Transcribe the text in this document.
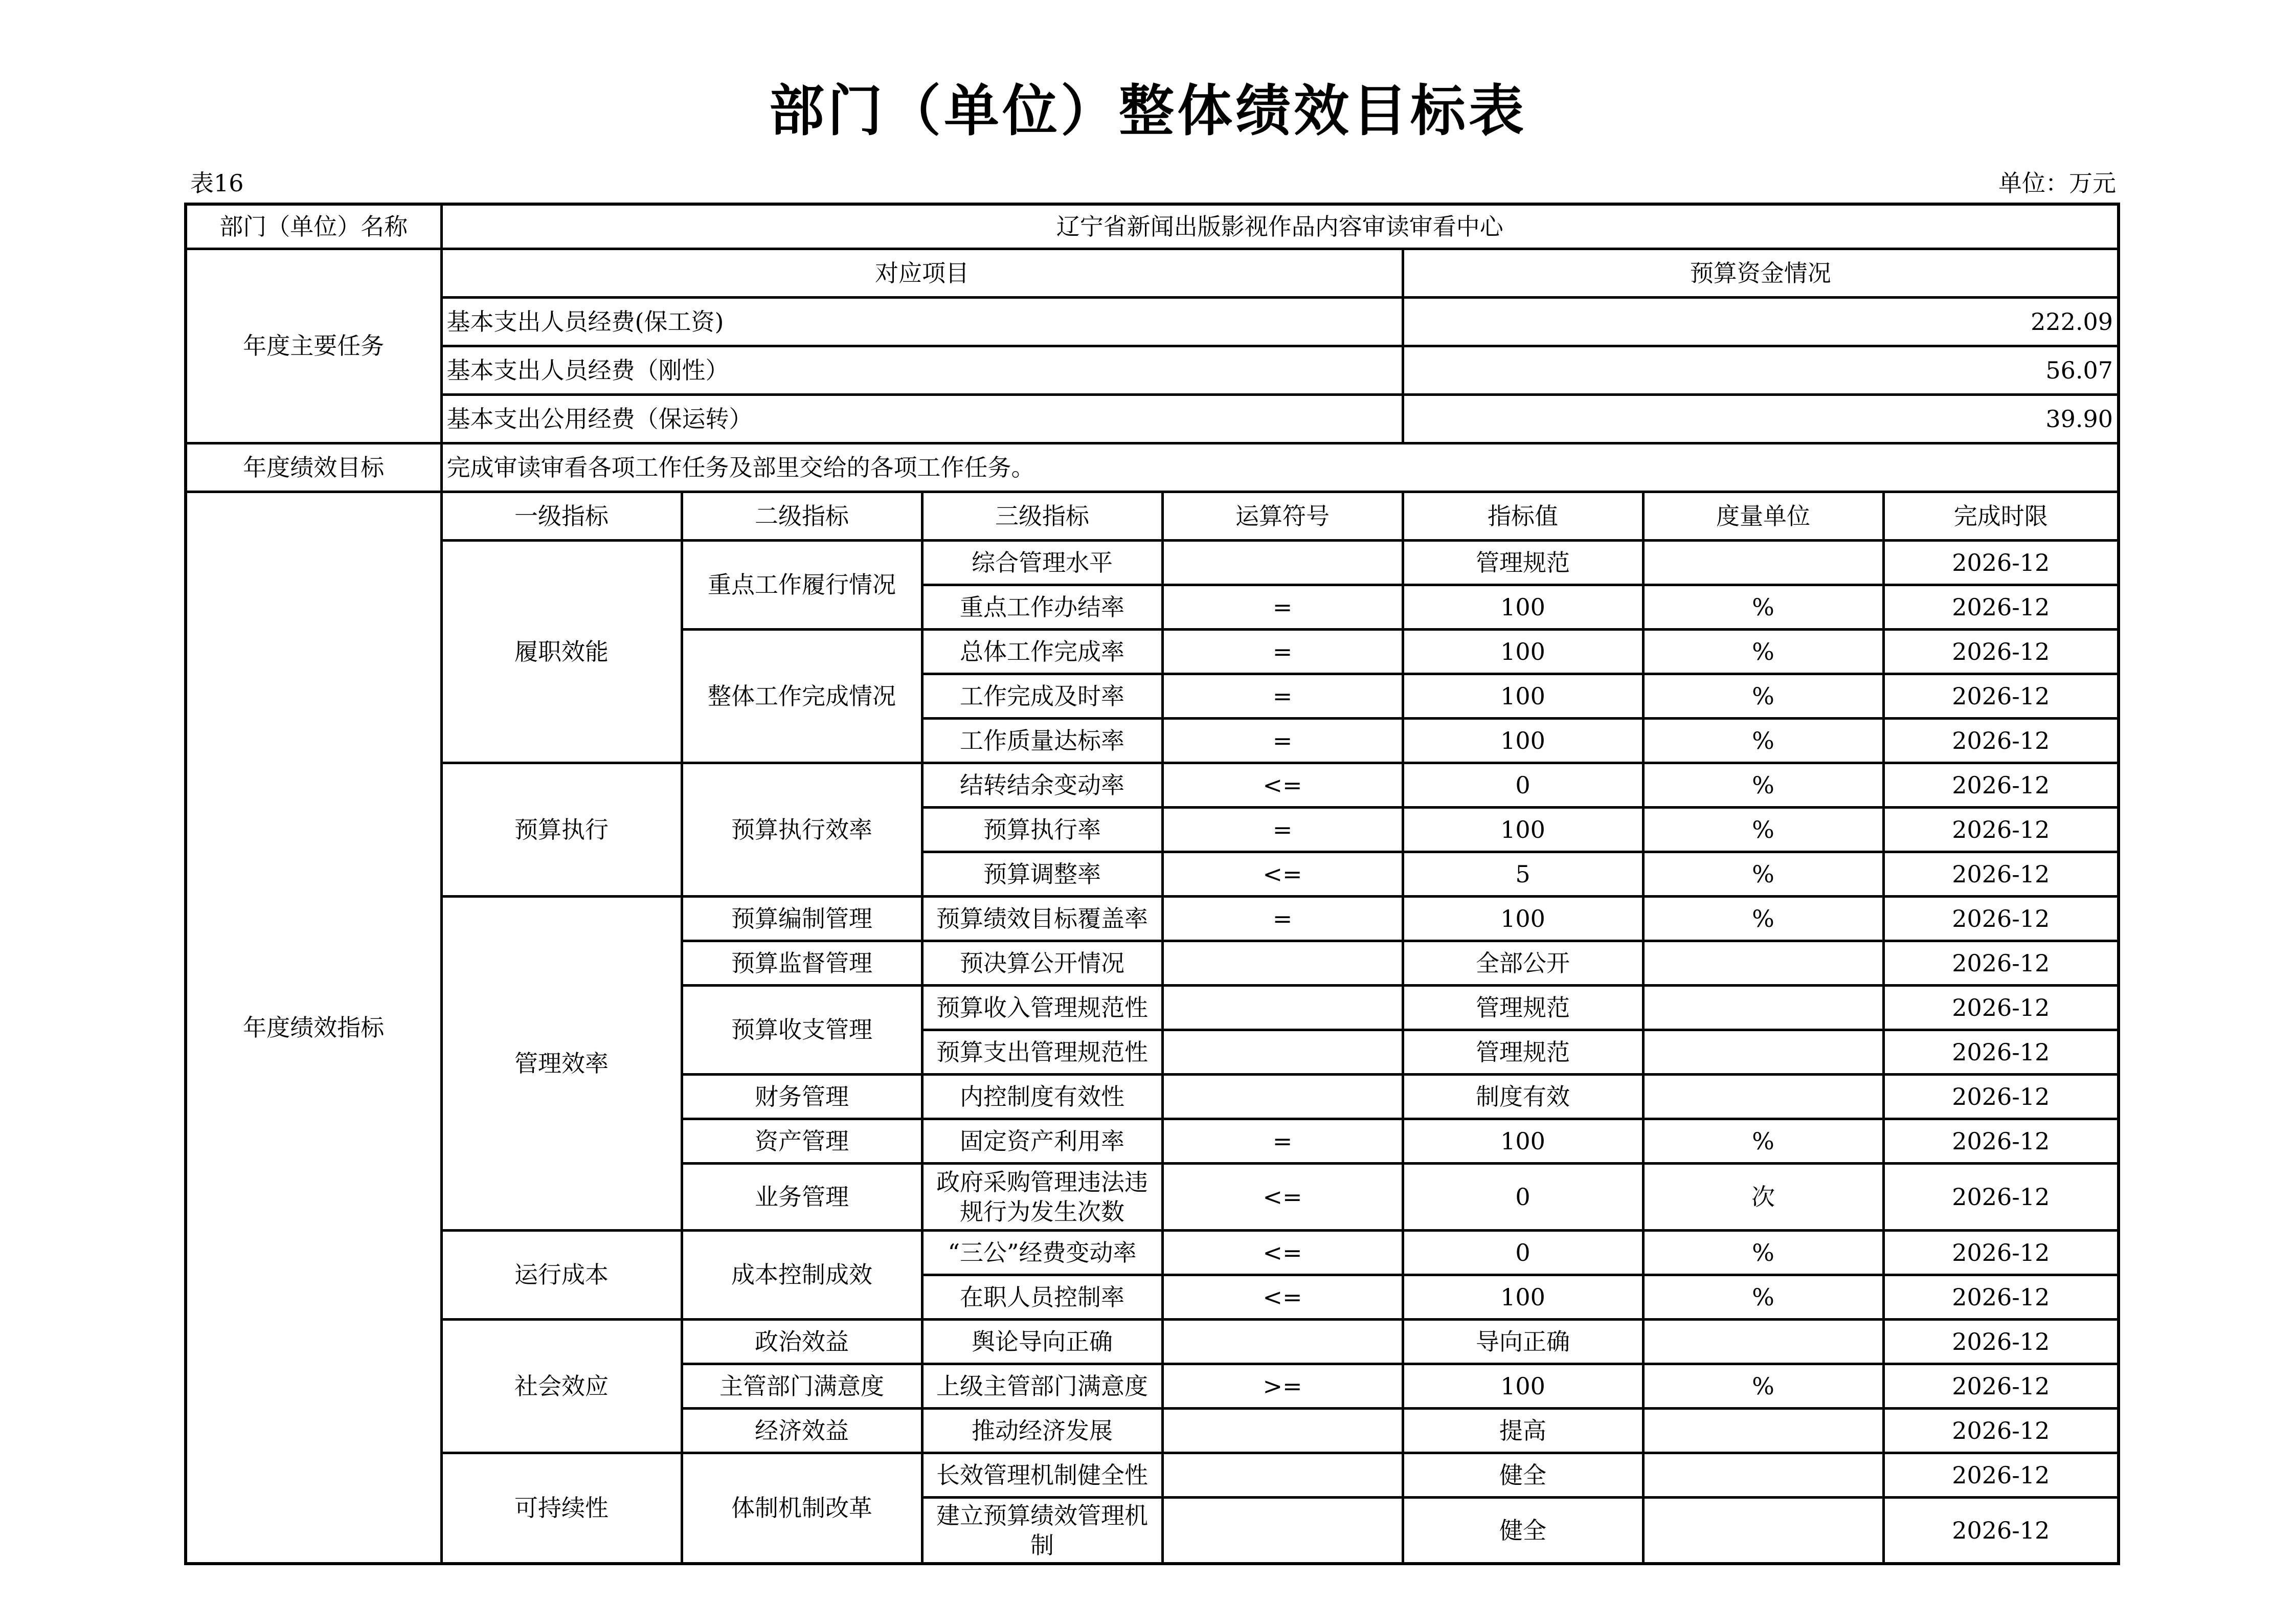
部门（单位）整体绩效目标表
表16	单位：万元
部门（单位）名称	辽宁省新闻出版影视作品内容审读审看中心						
年度主要任务	对应项目				预算资金情况		
	基本支出人员经费(保工资)				222.09		
	基本支出人员经费（刚性）				56.07		
	基本支出公用经费（保运转）				39.90		
年度绩效目标	完成审读审看各项工作任务及部里交给的各项工作任务。						
年度绩效指标	一级指标	二级指标	三级指标	运算符号	指标值	度量单位	完成时限
	履职效能	重点工作履行情况	综合管理水平		管理规范		2026-12
			重点工作办结率	=	100	%	2026-12
		整体工作完成情况	总体工作完成率	=	100	%	2026-12
			工作完成及时率	=	100	%	2026-12
			工作质量达标率	=	100	%	2026-12
	预算执行	预算执行效率	结转结余变动率	<=	0	%	2026-12
			预算执行率	=	100	%	2026-12
			预算调整率	<=	5	%	2026-12
	管理效率	预算编制管理	预算绩效目标覆盖率	=	100	%	2026-12
		预算监督管理	预决算公开情况		全部公开		2026-12
		预算收支管理	预算收入管理规范性		管理规范		2026-12
			预算支出管理规范性		管理规范		2026-12
		财务管理	内控制度有效性		制度有效		2026-12
		资产管理	固定资产利用率	=	100	%	2026-12
		业务管理	政府采购管理违法违规行为发生次数	<=	0	次	2026-12
	运行成本	成本控制成效	“三公”经费变动率	<=	0	%	2026-12
			在职人员控制率	<=	100	%	2026-12
	社会效应	政治效益	舆论导向正确		导向正确		2026-12
		主管部门满意度	上级主管部门满意度	>=	100	%	2026-12
		经济效益	推动经济发展		提高		2026-12
	可持续性	体制机制改革	长效管理机制健全性		健全		2026-12
			建立预算绩效管理机制		健全		2026-12
